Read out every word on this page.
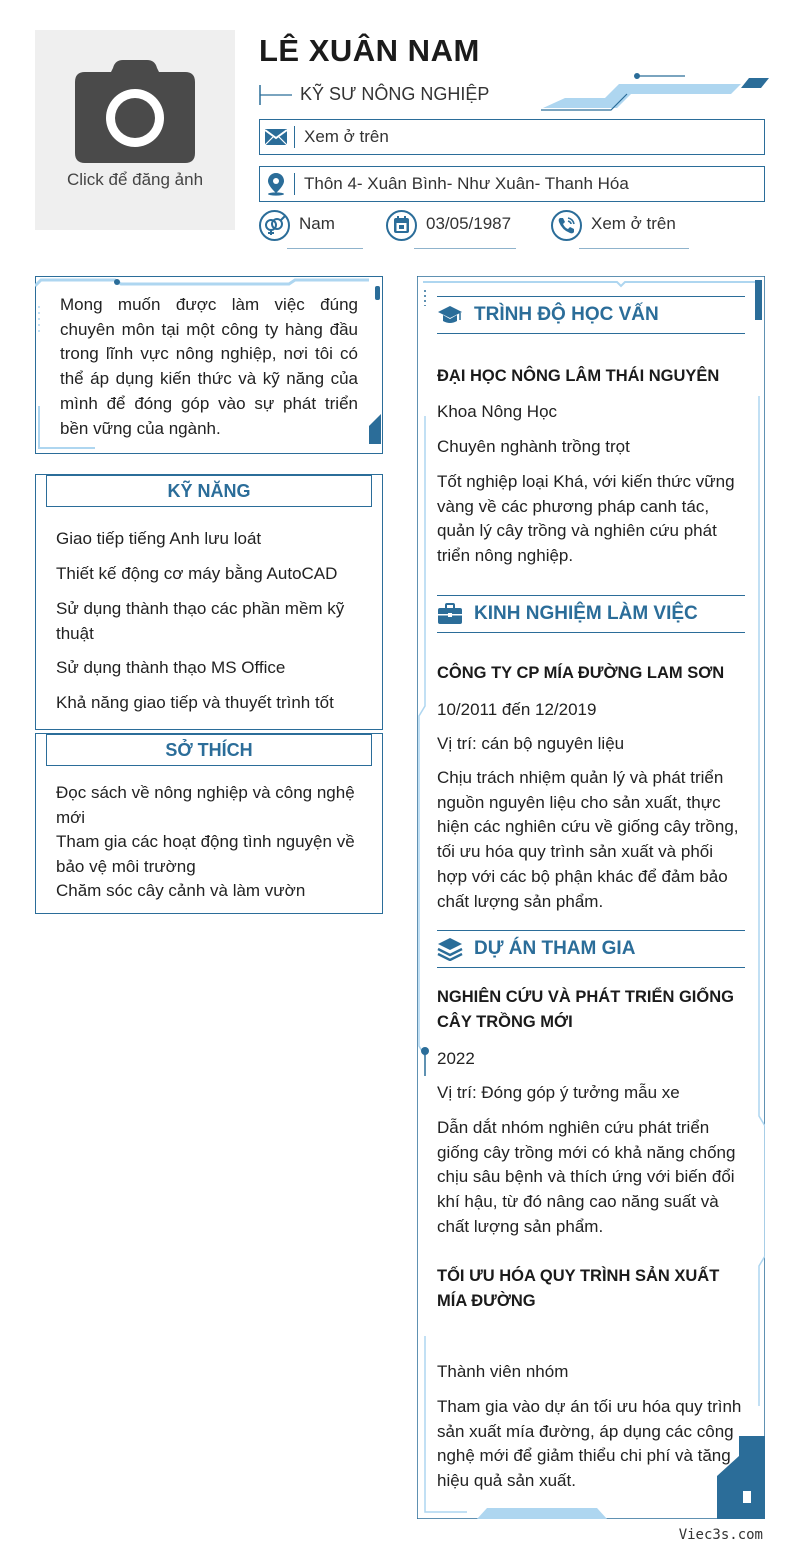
Click để đăng ảnh
LÊ XUÂN NAM
KỸ SƯ NÔNG NGHIỆP
Xem ở trên
Thôn 4- Xuân Bình- Như Xuân- Thanh Hóa
Nam	03/05/1987	Xem ở trên
Mong muốn được làm việc đúng chuyên môn tại một công ty hàng đầu trong lĩnh vực nông nghiệp, nơi tôi có thể áp dụng kiến thức và kỹ năng của mình để đóng góp vào sự phát triển bền vững của ngành.
KỸ NĂNG
Giao tiếp tiếng Anh lưu loát
Thiết kế động cơ máy bằng AutoCAD
Sử dụng thành thạo các phần mềm kỹ thuật
Sử dụng thành thạo MS Office
Khả năng giao tiếp và thuyết trình tốt
SỞ THÍCH
Đọc sách về nông nghiệp và công nghệ mới
Tham gia các hoạt động tình nguyện về bảo vệ môi trường
Chăm sóc cây cảnh và làm vườn
TRÌNH ĐỘ HỌC VẤN
ĐẠI HỌC NÔNG LÂM THÁI NGUYÊN
Khoa Nông Học
Chuyên nghành trồng trọt
Tốt nghiệp loại Khá, với kiến thức vững vàng về các phương pháp canh tác, quản lý cây trồng và nghiên cứu phát triển nông nghiệp.
KINH NGHIỆM LÀM VIỆC
CÔNG TY CP MÍA ĐƯỜNG LAM SƠN
10/2011 đến 12/2019
Vị trí: cán bộ nguyên liệu
Chịu trách nhiệm quản lý và phát triển nguồn nguyên liệu cho sản xuất, thực hiện các nghiên cứu về giống cây trồng, tối ưu hóa quy trình sản xuất và phối hợp với các bộ phận khác để đảm bảo chất lượng sản phẩm.
DỰ ÁN THAM GIA
NGHIÊN CỨU VÀ PHÁT TRIỂN GIỐNG CÂY TRỒNG MỚI
2022
Vị trí: Đóng góp ý tưởng mẫu xe
Dẫn dắt nhóm nghiên cứu phát triển giống cây trồng mới có khả năng chống chịu sâu bệnh và thích ứng với biến đổi khí hậu, từ đó nâng cao năng suất và chất lượng sản phẩm.
TỐI ƯU HÓA QUY TRÌNH SẢN XUẤT MÍA ĐƯỜNG
Thành viên nhóm
Tham gia vào dự án tối ưu hóa quy trình sản xuất mía đường, áp dụng các công nghệ mới để giảm thiểu chi phí và tăng hiệu quả sản xuất.
Viec3s.com
